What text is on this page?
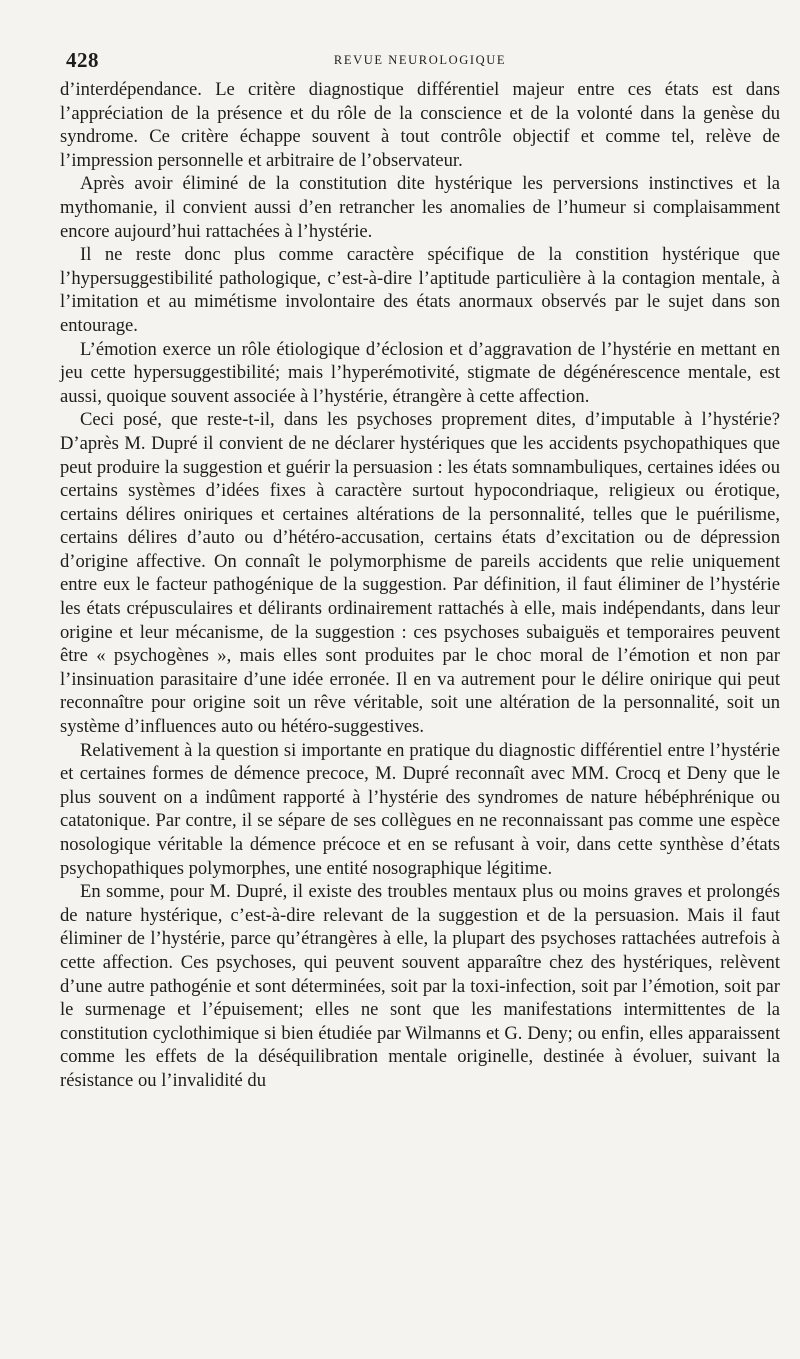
428	REVUE NEUROLOGIQUE

d’interdépendance. Le critère diagnostique différentiel majeur entre ces états est dans l’appréciation de la présence et du rôle de la conscience et de la volonté dans la genèse du syndrome. Ce critère échappe souvent à tout contrôle objectif et comme tel, relève de l’impression personnelle et arbitraire de l’observateur.

Après avoir éliminé de la constitution dite hystérique les perversions instinctives et la mythomanie, il convient aussi d’en retrancher les anomalies de l’humeur si complaisamment encore aujourd’hui rattachées à l’hystérie.

Il ne reste donc plus comme caractère spécifique de la constition hystérique que l’hypersuggestibilité pathologique, c’est-à-dire l’aptitude particulière à la contagion mentale, à l’imitation et au mimétisme involontaire des états anormaux observés par le sujet dans son entourage.

L’émotion exerce un rôle étiologique d’éclosion et d’aggravation de l’hystérie en mettant en jeu cette hypersuggestibilité; mais l’hyperémotivité, stigmate de dégénérescence mentale, est aussi, quoique souvent associée à l’hystérie, étrangère à cette affection.

Ceci posé, que reste-t-il, dans les psychoses proprement dites, d’imputable à l’hystérie? D’après M. Dupré il convient de ne déclarer hystériques que les accidents psychopathiques que peut produire la suggestion et guérir la persuasion : les états somnambuliques, certaines idées ou certains systèmes d’idées fixes à caractère surtout hypocondriaque, religieux ou érotique, certains délires oniriques et certaines altérations de la personnalité, telles que le puérilisme, certains délires d’auto ou d’hétéro-accusation, certains états d’excitation ou de dépression d’origine affective. On connaît le polymorphisme de pareils accidents que relie uniquement entre eux le facteur pathogénique de la suggestion. Par définition, il faut éliminer de l’hystérie les états crépusculaires et délirants ordinairement rattachés à elle, mais indépendants, dans leur origine et leur mécanisme, de la suggestion : ces psychoses subaiguës et temporaires peuvent être « psychogènes », mais elles sont produites par le choc moral de l’émotion et non par l’insinuation parasitaire d’une idée erronée. Il en va autrement pour le délire onirique qui peut reconnaître pour origine soit un rêve véritable, soit une altération de la personnalité, soit un système d’influences auto ou hétéro-suggestives.

Relativement à la question si importante en pratique du diagnostic différentiel entre l’hystérie et certaines formes de démence precoce, M. Dupré reconnaît avec MM. Crocq et Deny que le plus souvent on a indûment rapporté à l’hystérie des syndromes de nature hébéphrénique ou catatonique. Par contre, il se sépare de ses collègues en ne reconnaissant pas comme une espèce nosologique véritable la démence précoce et en se refusant à voir, dans cette synthèse d’états psychopathiques polymorphes, une entité nosographique légitime.

En somme, pour M. Dupré, il existe des troubles mentaux plus ou moins graves et prolongés de nature hystérique, c’est-à-dire relevant de la suggestion et de la persuasion. Mais il faut éliminer de l’hystérie, parce qu’étrangères à elle, la plupart des psychoses rattachées autrefois à cette affection. Ces psychoses, qui peuvent souvent apparaître chez des hystériques, relèvent d’une autre pathogénie et sont déterminées, soit par la toxi-infection, soit par l’émotion, soit par le surmenage et l’épuisement; elles ne sont que les manifestations intermittentes de la constitution cyclothimique si bien étudiée par Wilmanns et G. Deny; ou enfin, elles apparaissent comme les effets de la déséquilibration mentale originelle, destinée à évoluer, suivant la résistance ou l’invalidité du
